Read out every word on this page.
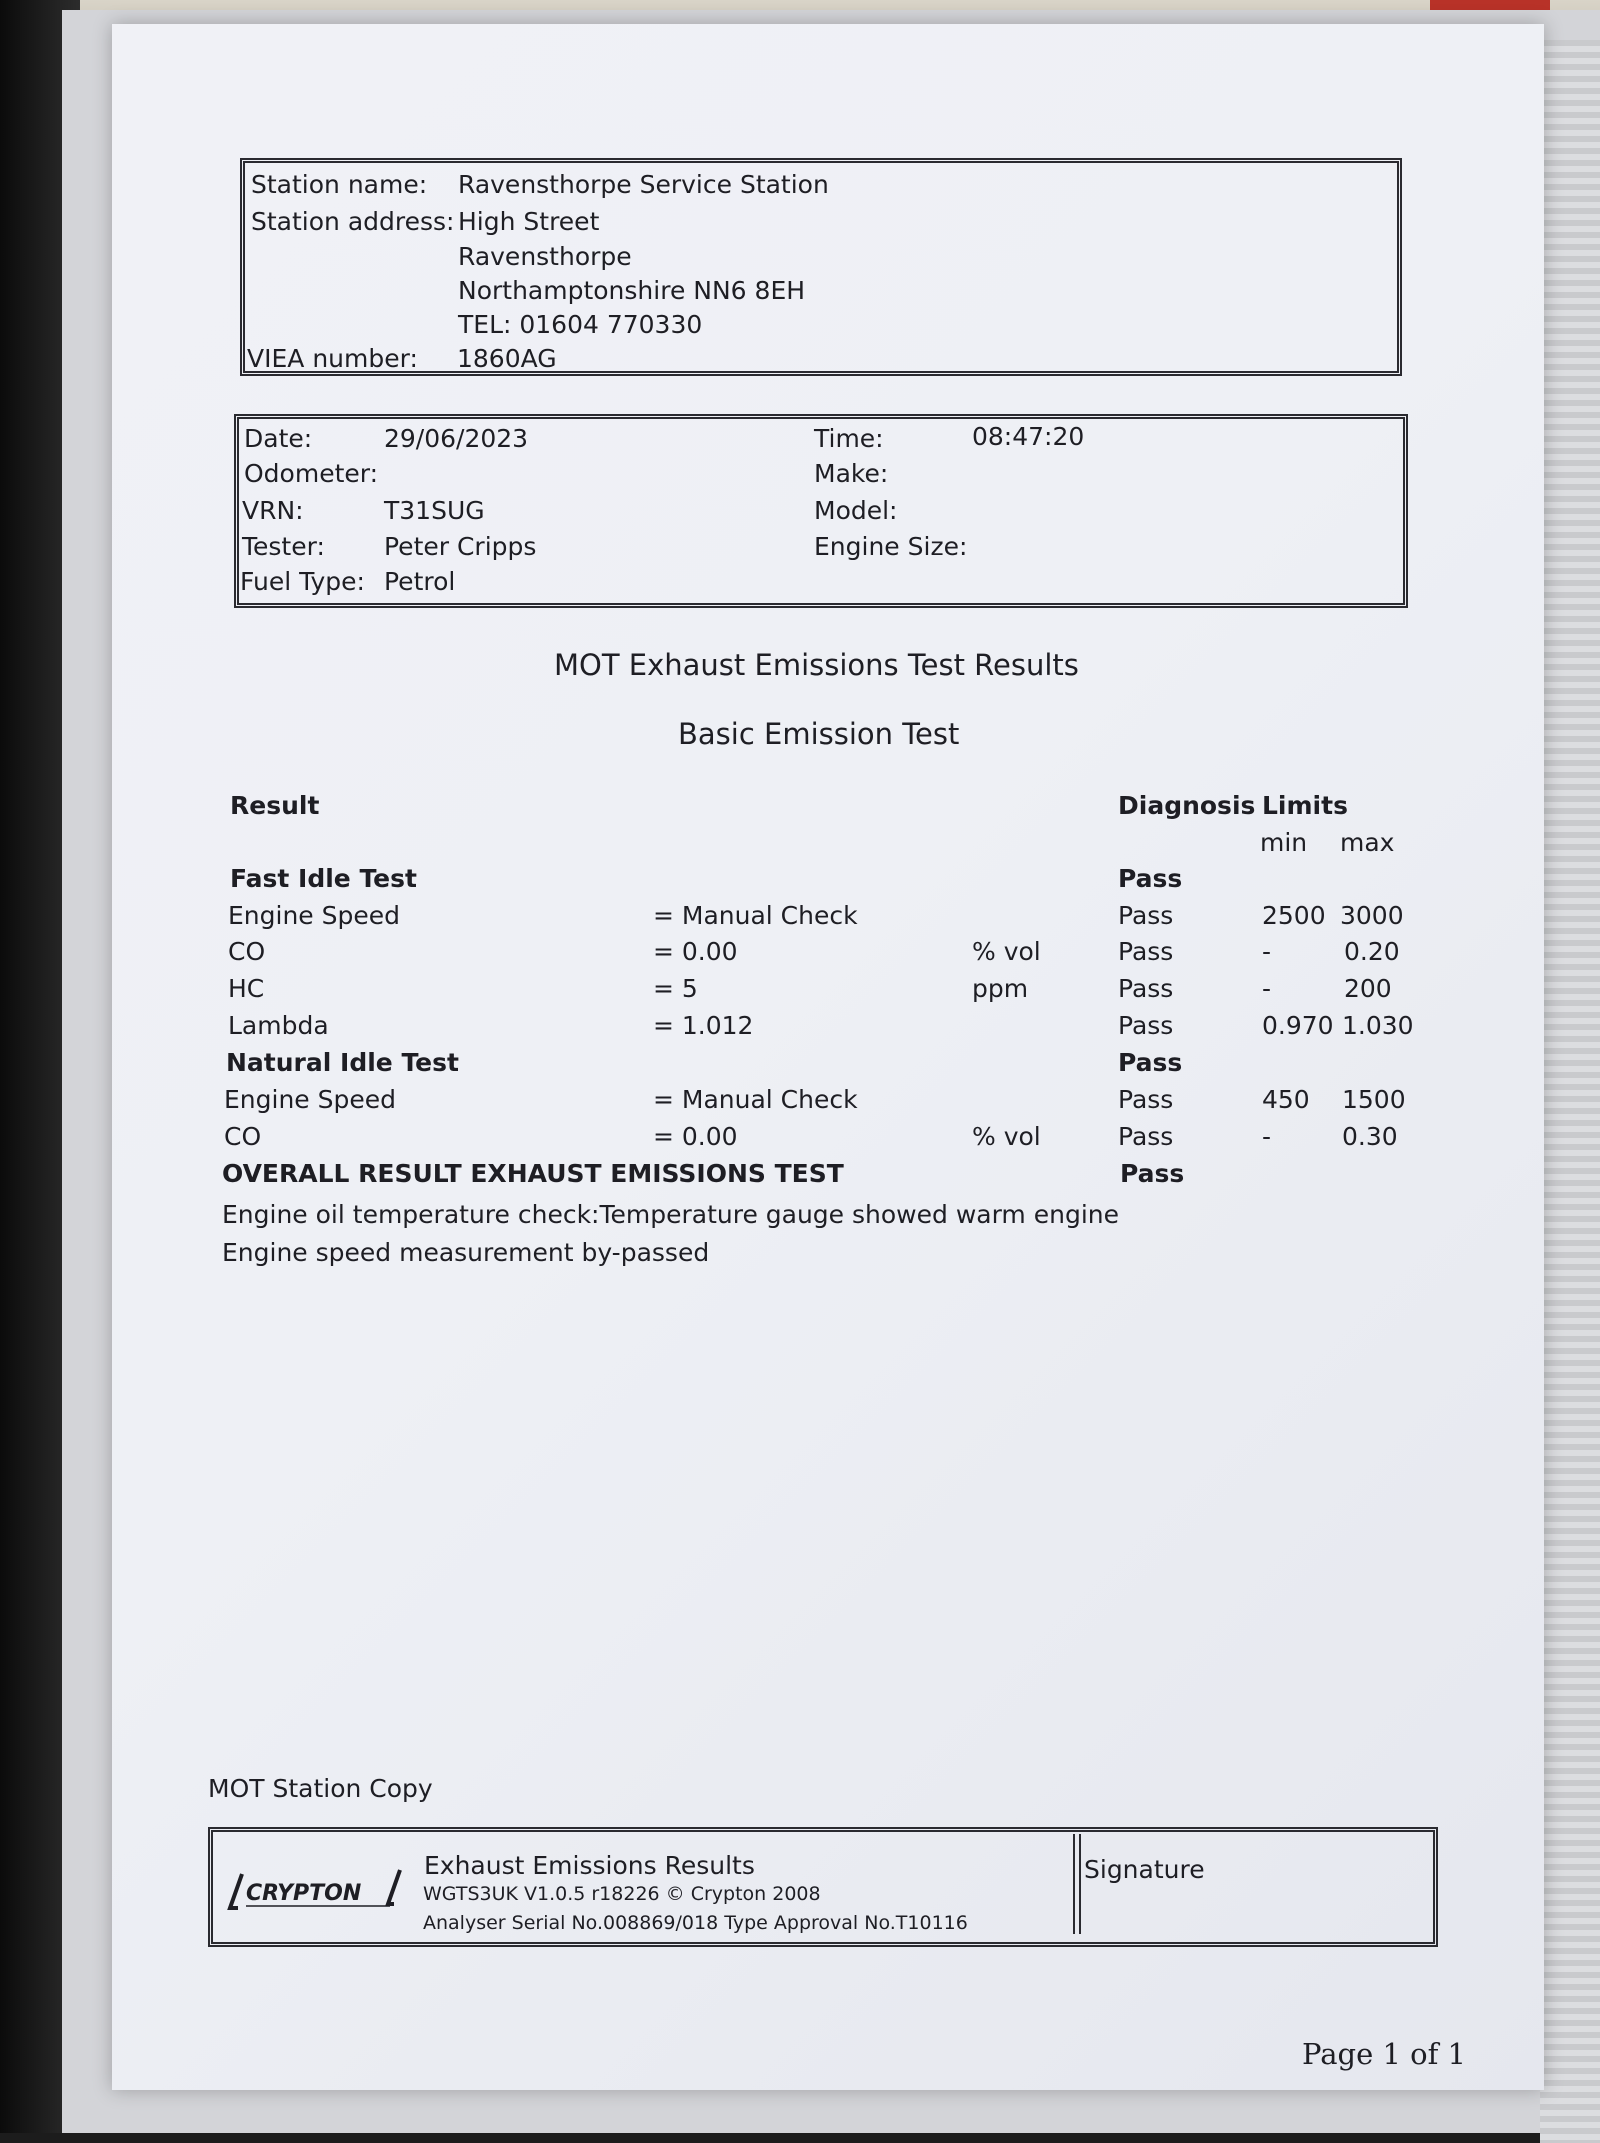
Station name: Ravensthorpe Service Station
Station address: High Street
Ravensthorpe
Northamptonshire NN6 8EH
TEL: 01604 770330
VIEA number: 1860AG
Date:	29/06/2023	Time:	08:47:20
Odometer:	Make:
VRN:	T31SUG	Model:
Tester: Peter Cripps	Engine Size:
Fuel Type: Petrol
MOT Exhaust Emissions Test Results
Basic Emission Test
Result	Diagnosis Limits
min max
Fast Idle Test	Pass
Engine Speed	= Manual Check	Pass	2500 3000
CO	= 0.00	% vol	Pass	-	0.20
HC	= 5	ppm	Pass	-	200
Lambda	= 1.012	Pass	0.970 1.030
Natural Idle Test	Pass
Engine Speed	= Manual Check	Pass	450 1500
CO	= 0.00	% vol	Pass	-	0.30
OVERALL RESULT EXHAUST EMISSIONS TEST	Pass
Engine oil temperature check:Temperature gauge showed warm engine
Engine speed measurement by-passed
MOT Station Copy
CRYPTON
Exhaust Emissions Results
WGTS3UK V1.0.5 r18226 © Crypton 2008
Analyser Serial No.008869/018 Type Approval No.T10116
Signature
Page 1 of 1
